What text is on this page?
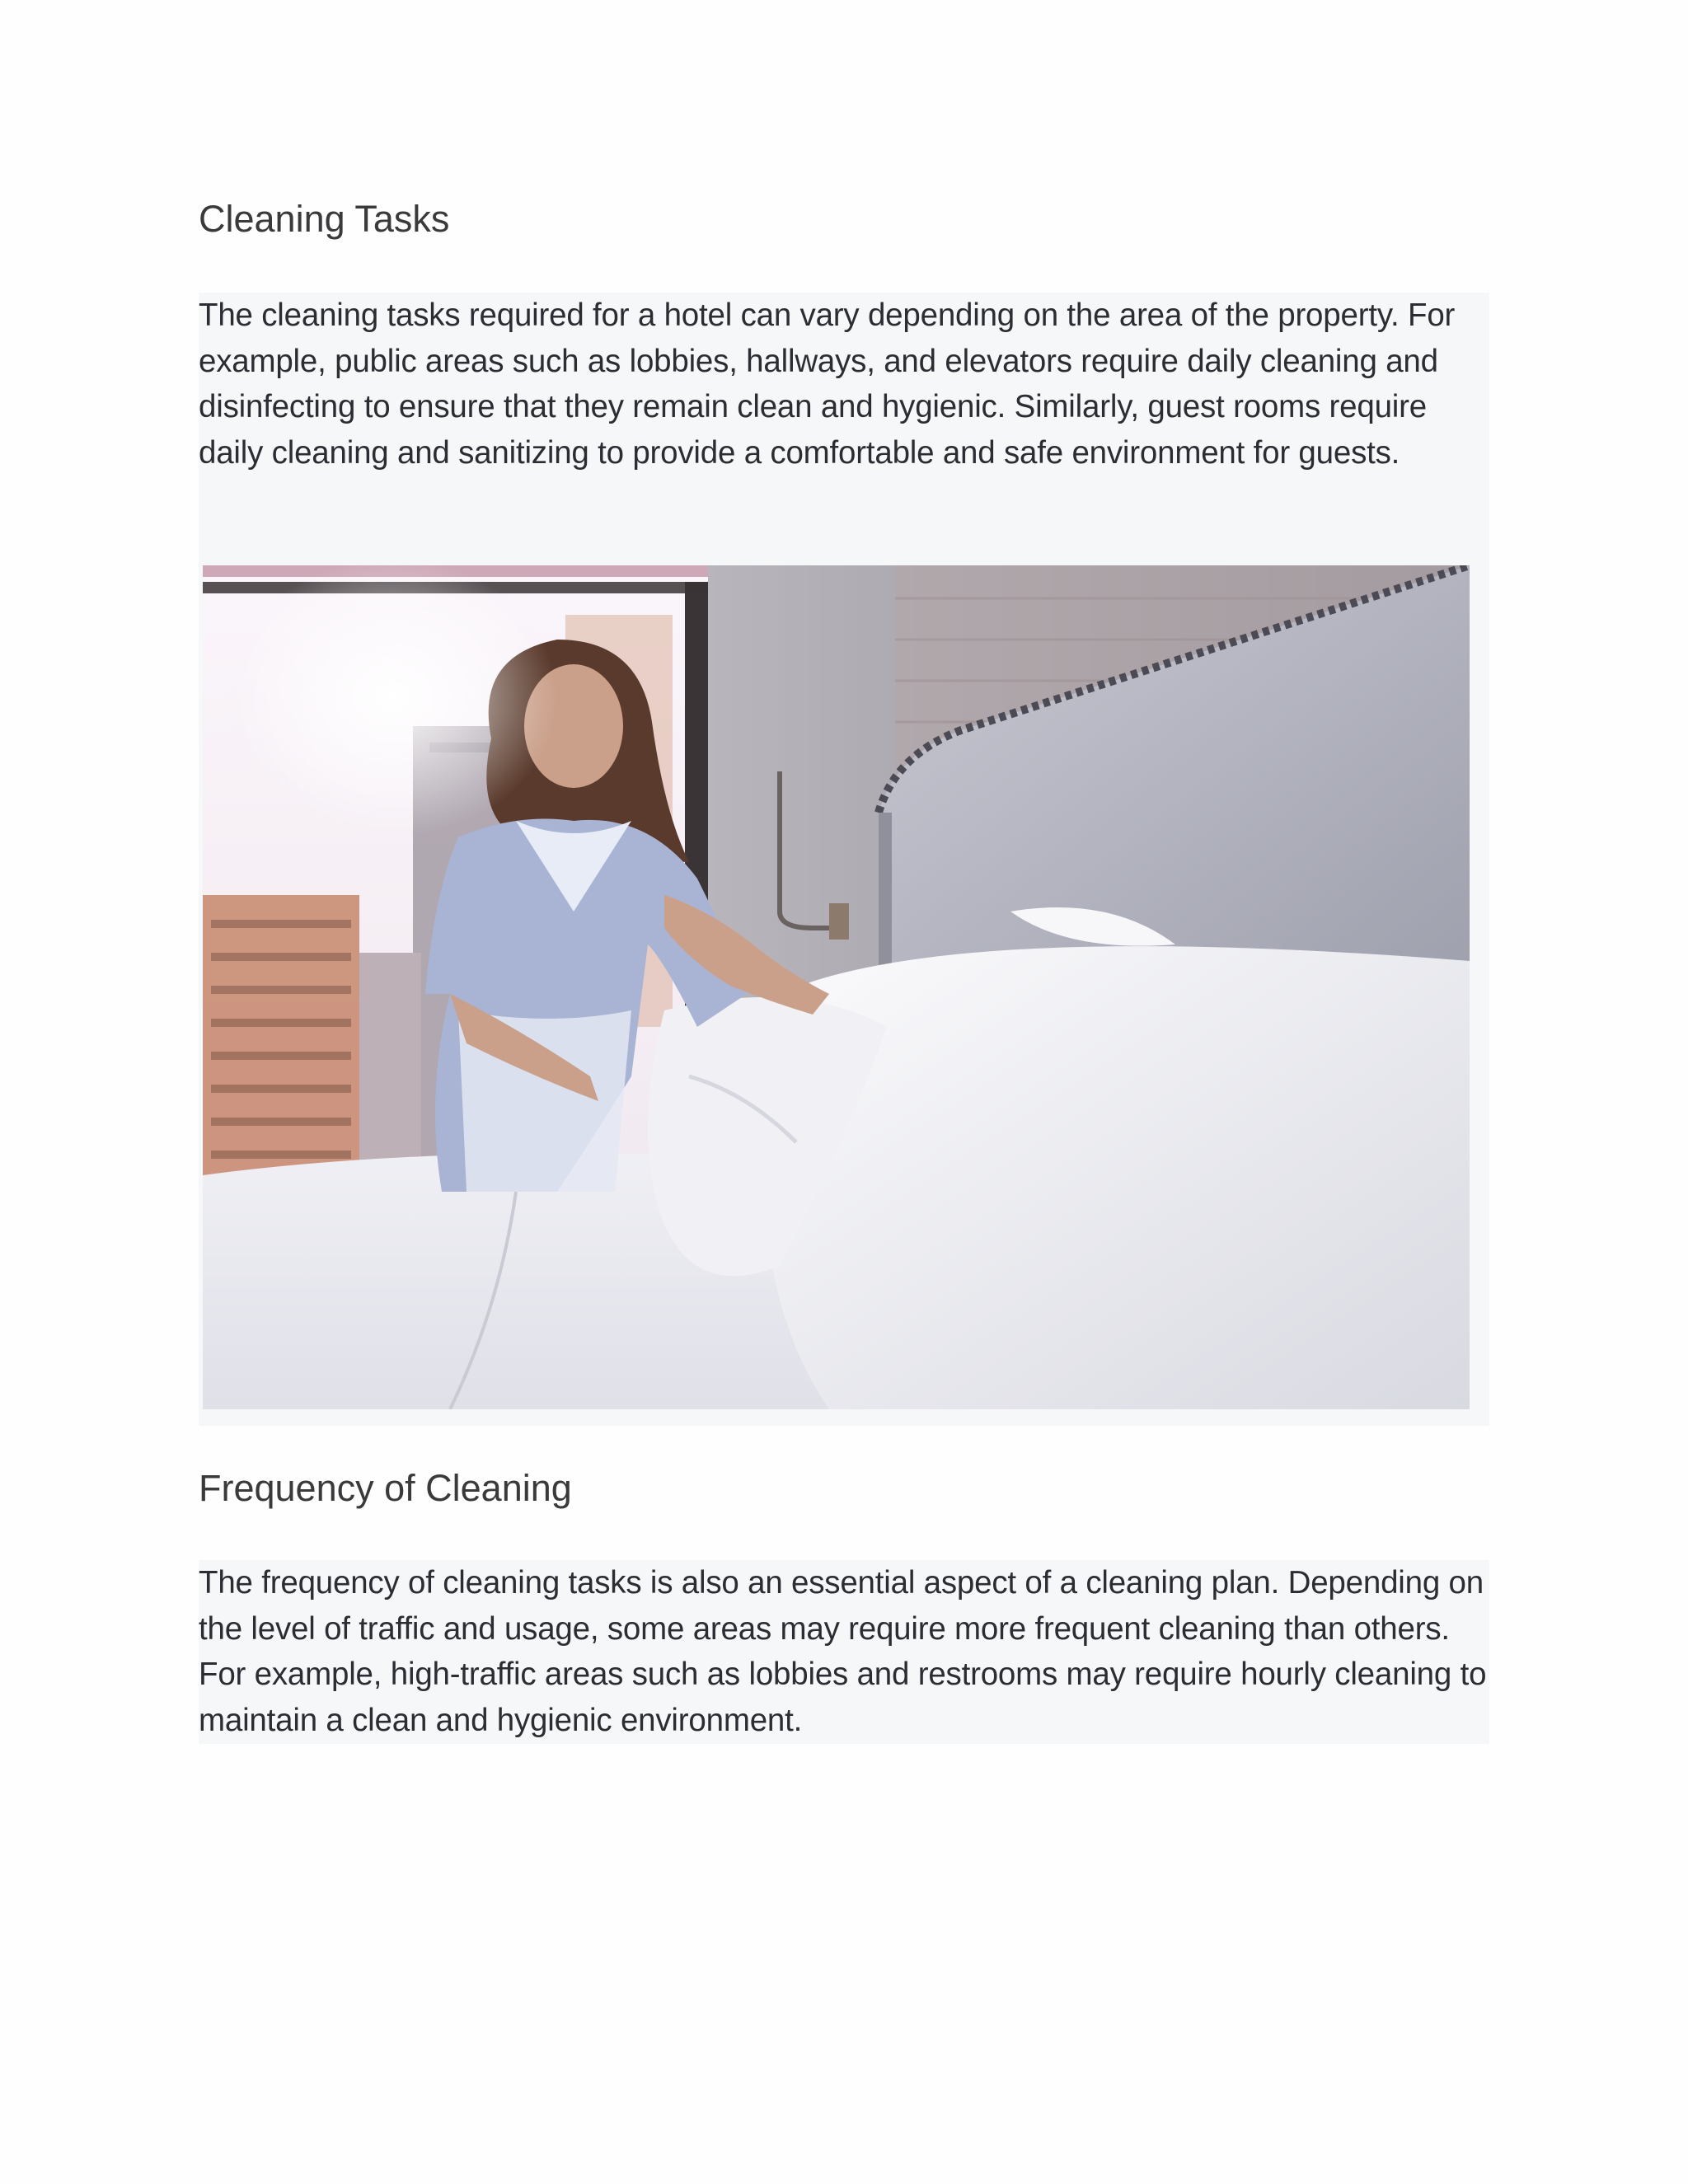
Cleaning Tasks

The cleaning tasks required for a hotel can vary depending on the area of the property. For example, public areas such as lobbies, hallways, and elevators require daily cleaning and disinfecting to ensure that they remain clean and hygienic. Similarly, guest rooms require daily cleaning and sanitizing to provide a comfortable and safe environment for guests.

Frequency of Cleaning

The frequency of cleaning tasks is also an essential aspect of a cleaning plan. Depending on the level of traffic and usage, some areas may require more frequent cleaning than others. For example, high-traffic areas such as lobbies and restrooms may require hourly cleaning to maintain a clean and hygienic environment.
